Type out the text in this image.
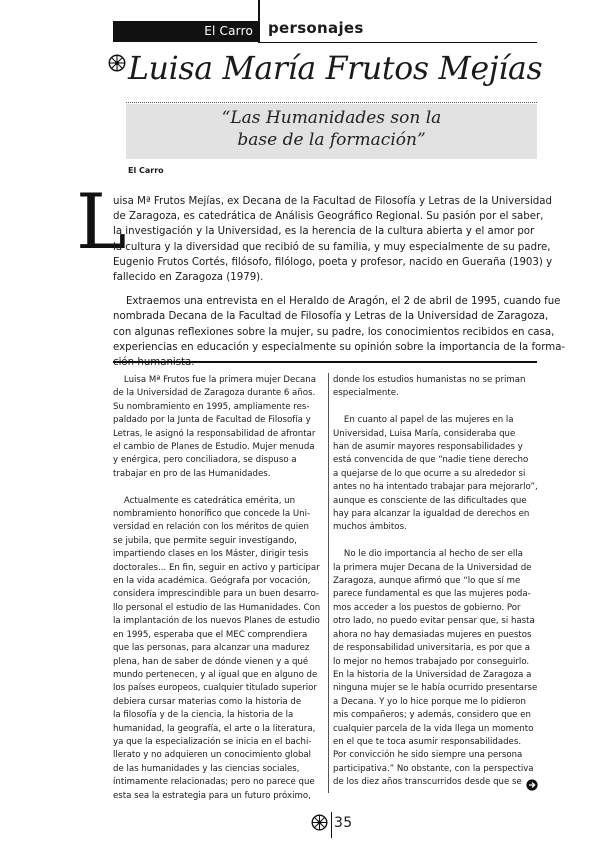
El Carro	personajes
Luisa María Frutos Mejías
“Las Humanidades son la
base de la formación”
El Carro
L
uisa Mª Frutos Mejías, ex Decana de la Facultad de Filosofía y Letras de la Universidad
de Zaragoza, es catedrática de Análisis Geográfico Regional. Su pasión por el saber,
la investigación y la Universidad, es la herencia de la cultura abierta y el amor por
la cultura y la diversidad que recibió de su familia, y muy especialmente de su padre,
Eugenio Frutos Cortés, filósofo, filólogo, poeta y profesor, nacido en Gueraña (1903) y
fallecido en Zaragoza (1979).
Extraemos una entrevista en el Heraldo de Aragón, el 2 de abril de 1995, cuando fue
nombrada Decana de la Facultad de Filosofía y Letras de la Universidad de Zaragoza,
con algunas reflexiones sobre la mujer, su padre, los conocimientos recibidos en casa,
experiencias en educación y especialmente su opinión sobre la importancia de la forma-
Luisa Mª Frutos fue la primera mujer Decana
de la Universidad de Zaragoza durante 6 años.
Su nombramiento en 1995, ampliamente res-
paldado por la Junta de Facultad de Filosofía y
Letras, le asignó la responsabilidad de afrontar
el cambio de Planes de Estudio. Mujer menuda
y enérgica, pero conciliadora, se dispuso a
trabajar en pro de las Humanidades.
Actualmente es catedrática emérita, un
nombramiento honorífico que concede la Uni-
versidad en relación con los méritos de quien
se jubila, que permite seguir investigando,
impartiendo clases en los Máster, dirigir tesis
doctorales... En fin, seguir en activo y participar
en la vida académica. Geógrafa por vocación,
considera imprescindible para un buen desarro-
llo personal el estudio de las Humanidades. Con
la implantación de los nuevos Planes de estudio
en 1995, esperaba que el MEC comprendiera
que las personas, para alcanzar una madurez
plena, han de saber de dónde vienen y a qué
mundo pertenecen, y al igual que en alguno de
los países europeos, cualquier titulado superior
debiera cursar materias como la historia de
la filosofía y de la ciencia, la historia de la
humanidad, la geografía, el arte o la literatura,
ya que la especialización se inicia en el bachi-
llerato y no adquieren un conocimiento global
de las humanidades y las ciencias sociales,
íntimamente relacionadas; pero no parece que
esta sea la estrategia para un futuro próximo,
donde los estudios humanistas no se priman
especialmente.
En cuanto al papel de las mujeres en la
Universidad, Luisa María, consideraba que
han de asumir mayores responsabilidades y
está convencida de que “nadie tiene derecho
a quejarse de lo que ocurre a su alrededor si
antes no ha intentado trabajar para mejorarlo”,
aunque es consciente de las dificultades que
hay para alcanzar la igualdad de derechos en
muchos ámbitos.
No le dio importancia al hecho de ser ella
la primera mujer Decana de la Universidad de
Zaragoza, aunque afirmó que “lo que sí me
parece fundamental es que las mujeres poda-
mos acceder a los puestos de gobierno. Por
otro lado, no puedo evitar pensar que, si hasta
ahora no hay demasiadas mujeres en puestos
de responsabilidad universitaria, es por que a
lo mejor no hemos trabajado por conseguirlo.
En la historia de la Universidad de Zaragoza a
ninguna mujer se le había ocurrido presentarse
a Decana. Y yo lo hice porque me lo pidieron
mis compañeros; y además, considero que en
cualquier parcela de la vida llega un momento
en el que te toca asumir responsabilidades.
Por convicción he sido siempre una persona
participativa.” No obstante, con la perspectiva
de los diez años transcurridos desde que se
35
